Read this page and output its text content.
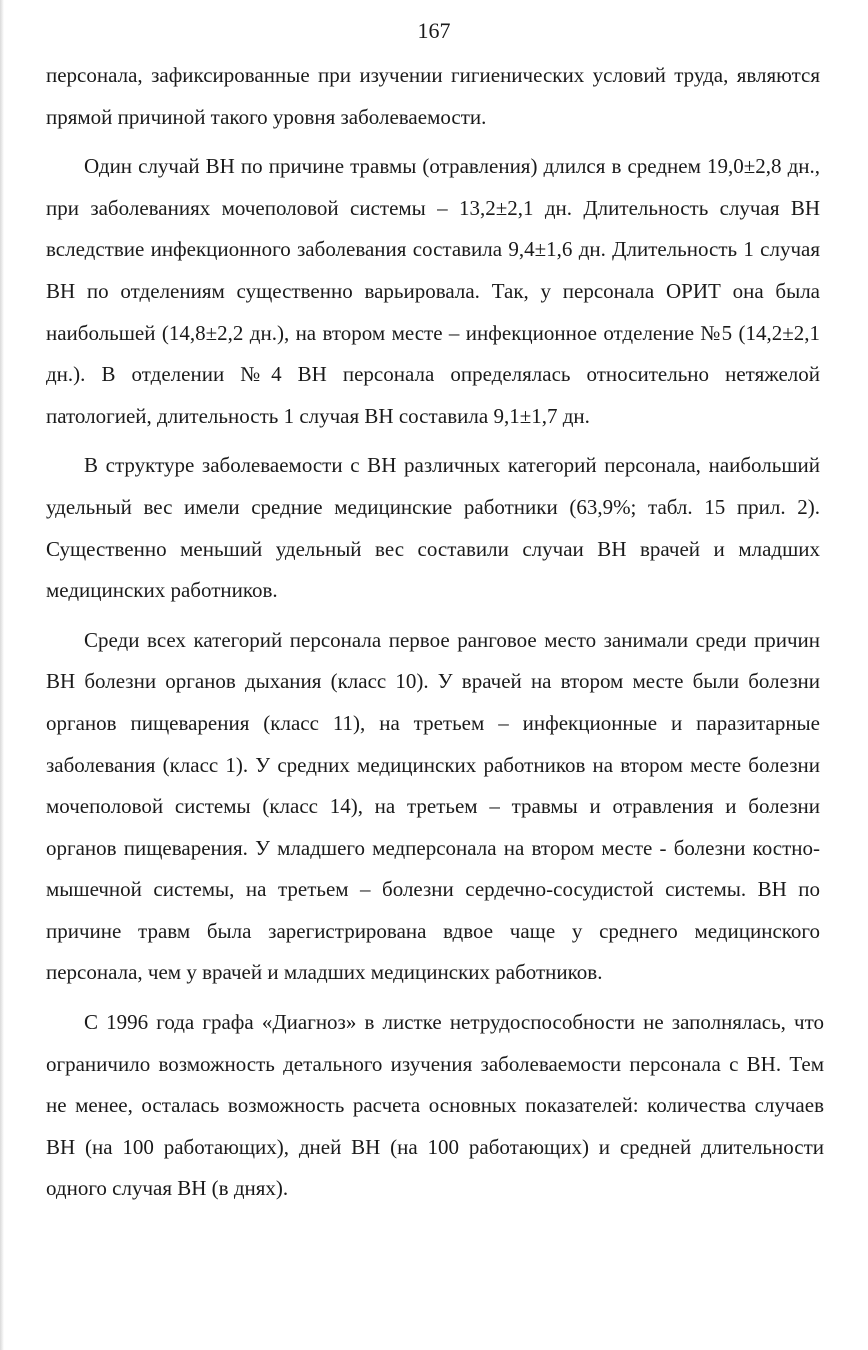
167

персонала, зафиксированные при изучении гигиенических условий труда, являются прямой причиной такого уровня заболеваемости.

Один случай ВН по причине травмы (отравления) длился в среднем 19,0±2,8 дн., при заболеваниях мочеполовой системы – 13,2±2,1 дн. Длительность случая ВН вследствие инфекционного заболевания составила 9,4±1,6 дн. Длительность 1 случая ВН по отделениям существенно варьировала. Так, у персонала ОРИТ она была наибольшей (14,8±2,2 дн.), на втором месте – инфекционное отделение №5 (14,2±2,1 дн.). В отделении №4 ВН персонала определялась относительно нетяжелой патологией, длительность 1 случая ВН составила 9,1±1,7 дн.

В структуре заболеваемости с ВН различных категорий персонала, наибольший удельный вес имели средние медицинские работники (63,9%; табл. 15 прил. 2). Существенно меньший удельный вес составили случаи ВН врачей и младших медицинских работников.

Среди всех категорий персонала первое ранговое место занимали среди причин ВН болезни органов дыхания (класс 10). У врачей на втором месте были болезни органов пищеварения (класс 11), на третьем – инфекционные и паразитарные заболевания (класс 1). У средних медицинских работников на втором месте болезни мочеполовой системы (класс 14), на третьем – травмы и отравления и болезни органов пищеварения. У младшего медперсонала на втором месте - болезни костно-мышечной системы, на третьем – болезни сердечно-сосудистой системы. ВН по причине травм была зарегистрирована вдвое чаще у среднего медицинского персонала, чем у врачей и младших медицинских работников.

С 1996 года графа «Диагноз» в листке нетрудоспособности не заполнялась, что ограничило возможность детального изучения заболеваемости персонала с ВН. Тем не менее, осталась возможность расчета основных показателей: количества случаев ВН (на 100 работающих), дней ВН (на 100 работающих) и средней длительности одного случая ВН (в днях).
